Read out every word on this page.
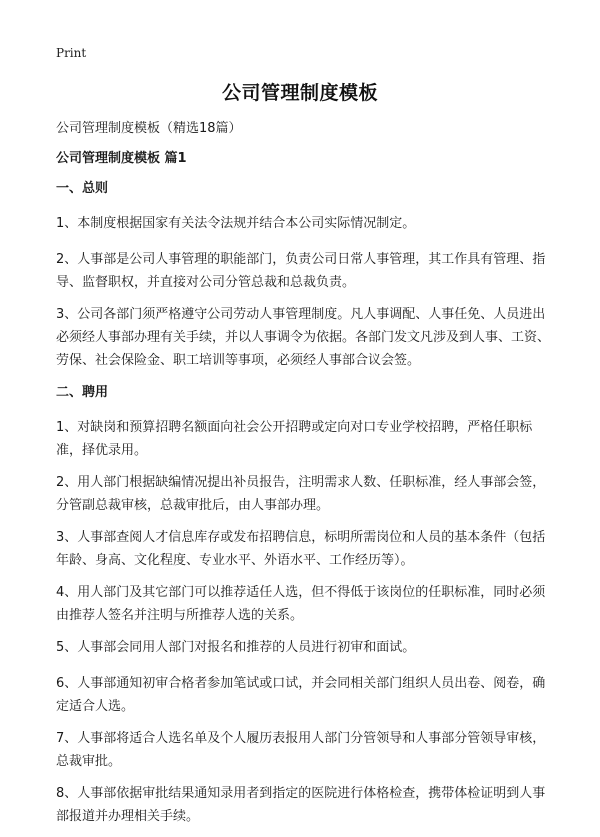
Print
公司管理制度模板

公司管理制度模板（精选18篇）

公司管理制度模板 篇1

一、总则

1、本制度根据国家有关法令法规并结合本公司实际情况制定。

2、人事部是公司人事管理的职能部门，负责公司日常人事管理，其工作具有管理、指导、监督职权，并直接对公司分管总裁和总裁负责。

3、公司各部门须严格遵守公司劳动人事管理制度。凡人事调配、人事任免、人员进出必须经人事部办理有关手续，并以人事调令为依据。各部门发文凡涉及到人事、工资、劳保、社会保险金、职工培训等事项，必须经人事部合议会签。

二、聘用

1、对缺岗和预算招聘名额面向社会公开招聘或定向对口专业学校招聘，严格任职标准，择优录用。

2、用人部门根据缺编情况提出补员报告，注明需求人数、任职标准，经人事部会签，分管副总裁审核，总裁审批后，由人事部办理。

3、人事部查阅人才信息库存或发布招聘信息，标明所需岗位和人员的基本条件（包括年龄、身高、文化程度、专业水平、外语水平、工作经历等）。

4、用人部门及其它部门可以推荐适任人选，但不得低于该岗位的任职标准，同时必须由推荐人签名并注明与所推荐人选的关系。

5、人事部会同用人部门对报名和推荐的人员进行初审和面试。

6、人事部通知初审合格者参加笔试或口试，并会同相关部门组织人员出卷、阅卷，确定适合人选。

7、人事部将适合人选名单及个人履历表报用人部门分管领导和人事部分管领导审核，总裁审批。

8、人事部依据审批结果通知录用者到指定的医院进行体格检查，携带体检证明到人事部报道并办理相关手续。
